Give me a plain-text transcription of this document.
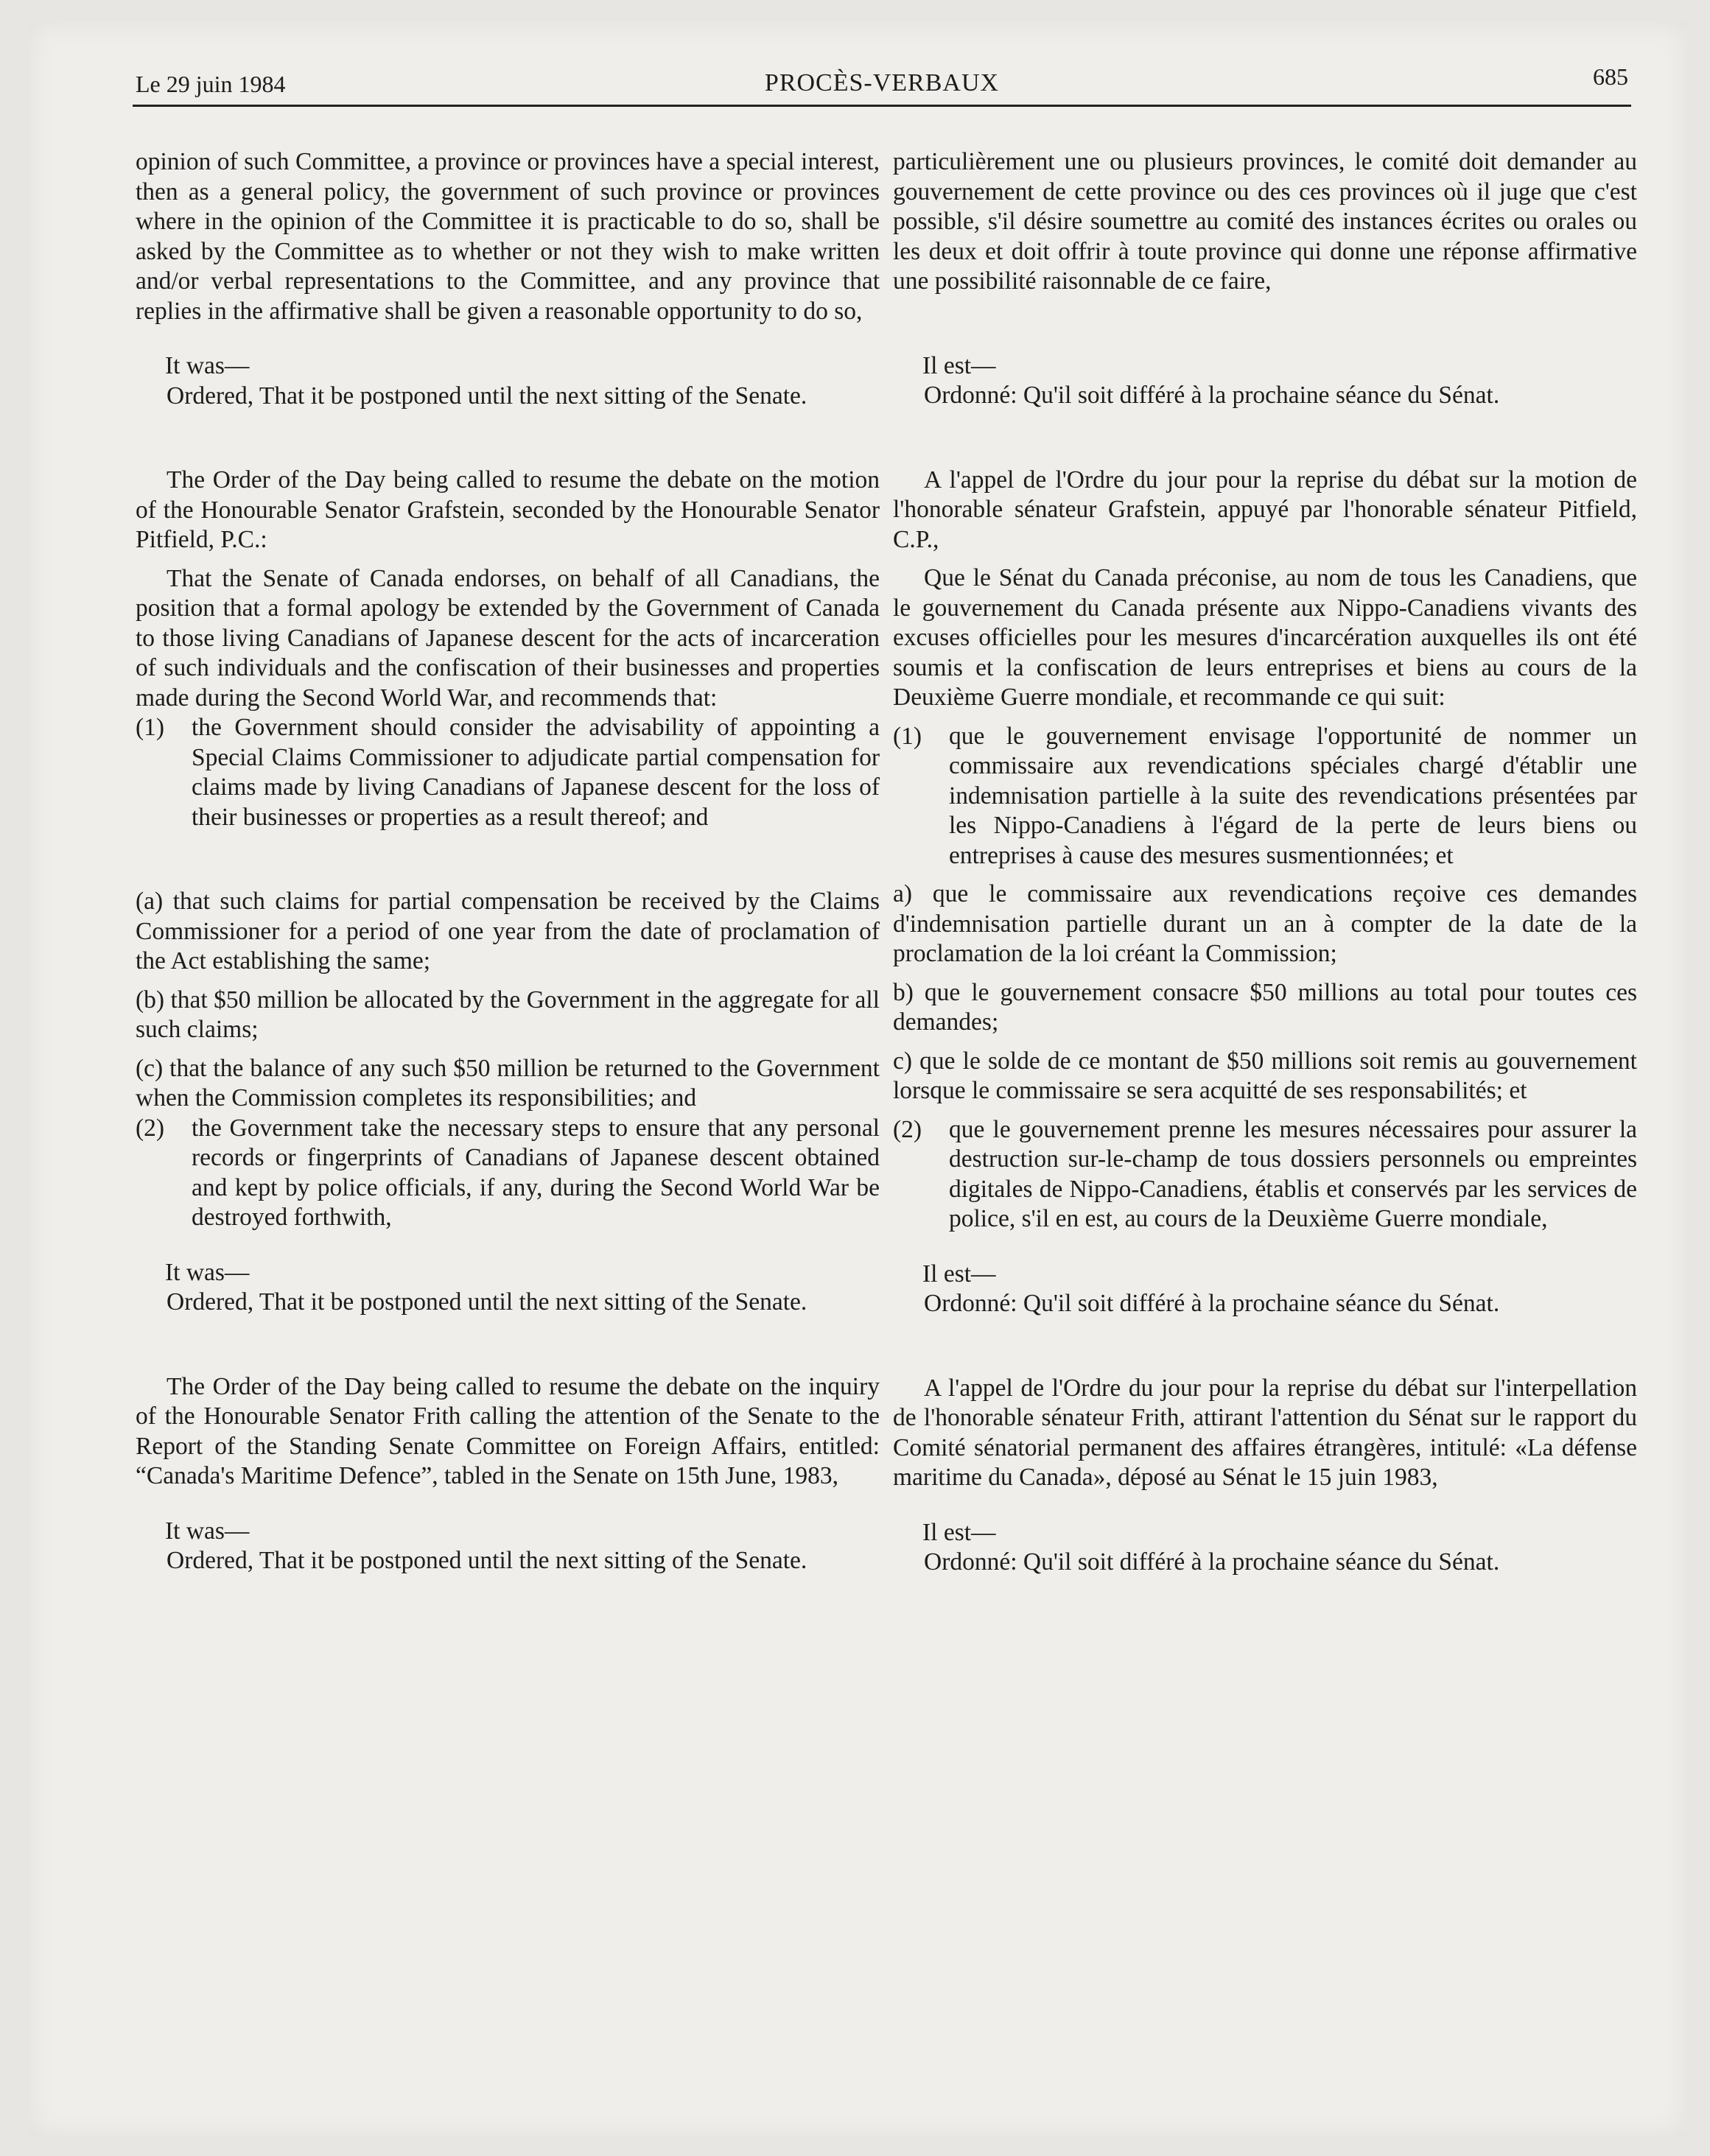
Le 29 juin 1984	PROCÈS-VERBAUX	685

opinion of such Committee, a province or provinces have a special interest, then as a general policy, the government of such province or provinces where in the opinion of the Committee it is practicable to do so, shall be asked by the Committee as to whether or not they wish to make written and/or verbal representations to the Committee, and any province that replies in the affirmative shall be given a reasonable opportunity to do so,

It was—

Ordered, That it be postponed until the next sitting of the Senate.

The Order of the Day being called to resume the debate on the motion of the Honourable Senator Grafstein, seconded by the Honourable Senator Pitfield, P.C.:

That the Senate of Canada endorses, on behalf of all Canadians, the position that a formal apology be extended by the Government of Canada to those living Canadians of Japanese descent for the acts of incarceration of such individuals and the confiscation of their businesses and properties made during the Second World War, and recommends that:

(1)	the Government should consider the advisability of appointing a Special Claims Commissioner to adjudicate partial compensation for claims made by living Canadians of Japanese descent for the loss of their businesses or properties as a result thereof; and

(a) that such claims for partial compensation be received by the Claims Commissioner for a period of one year from the date of proclamation of the Act establishing the same;

(b) that $50 million be allocated by the Government in the aggregate for all such claims;

(c) that the balance of any such $50 million be returned to the Government when the Commission completes its responsibilities; and

(2)	the Government take the necessary steps to ensure that any personal records or fingerprints of Canadians of Japanese descent obtained and kept by police officials, if any, during the Second World War be destroyed forthwith,

It was—

Ordered, That it be postponed until the next sitting of the Senate.

The Order of the Day being called to resume the debate on the inquiry of the Honourable Senator Frith calling the attention of the Senate to the Report of the Standing Senate Committee on Foreign Affairs, entitled: “Canada's Maritime Defence”, tabled in the Senate on 15th June, 1983,

It was—

Ordered, That it be postponed until the next sitting of the Senate.

particulièrement une ou plusieurs provinces, le comité doit demander au gouvernement de cette province ou des ces provinces où il juge que c'est possible, s'il désire soumettre au comité des instances écrites ou orales ou les deux et doit offrir à toute province qui donne une réponse affirmative une possibilité raisonnable de ce faire,

Il est—

Ordonné: Qu'il soit différé à la prochaine séance du Sénat.

A l'appel de l'Ordre du jour pour la reprise du débat sur la motion de l'honorable sénateur Grafstein, appuyé par l'honorable sénateur Pitfield, C.P.,

Que le Sénat du Canada préconise, au nom de tous les Canadiens, que le gouvernement du Canada présente aux Nippo-Canadiens vivants des excuses officielles pour les mesures d'incarcération auxquelles ils ont été soumis et la confiscation de leurs entreprises et biens au cours de la Deuxième Guerre mondiale, et recommande ce qui suit:

(1)	que le gouvernement envisage l'opportunité de nommer un commissaire aux revendications spéciales chargé d'établir une indemnisation partielle à la suite des revendications présentées par les Nippo-Canadiens à l'égard de la perte de leurs biens ou entreprises à cause des mesures susmentionnées; et

a) que le commissaire aux revendications reçoive ces demandes d'indemnisation partielle durant un an à compter de la date de la proclamation de la loi créant la Commission;

b) que le gouvernement consacre $50 millions au total pour toutes ces demandes;

c) que le solde de ce montant de $50 millions soit remis au gouvernement lorsque le commissaire se sera acquitté de ses responsabilités; et

(2)	que le gouvernement prenne les mesures nécessaires pour assurer la destruction sur-le-champ de tous dossiers personnels ou empreintes digitales de Nippo-Canadiens, établis et conservés par les services de police, s'il en est, au cours de la Deuxième Guerre mondiale,

Il est—

Ordonné: Qu'il soit différé à la prochaine séance du Sénat.

A l'appel de l'Ordre du jour pour la reprise du débat sur l'interpellation de l'honorable sénateur Frith, attirant l'attention du Sénat sur le rapport du Comité sénatorial permanent des affaires étrangères, intitulé: «La défense maritime du Canada», déposé au Sénat le 15 juin 1983,

Il est—

Ordonné: Qu'il soit différé à la prochaine séance du Sénat.
